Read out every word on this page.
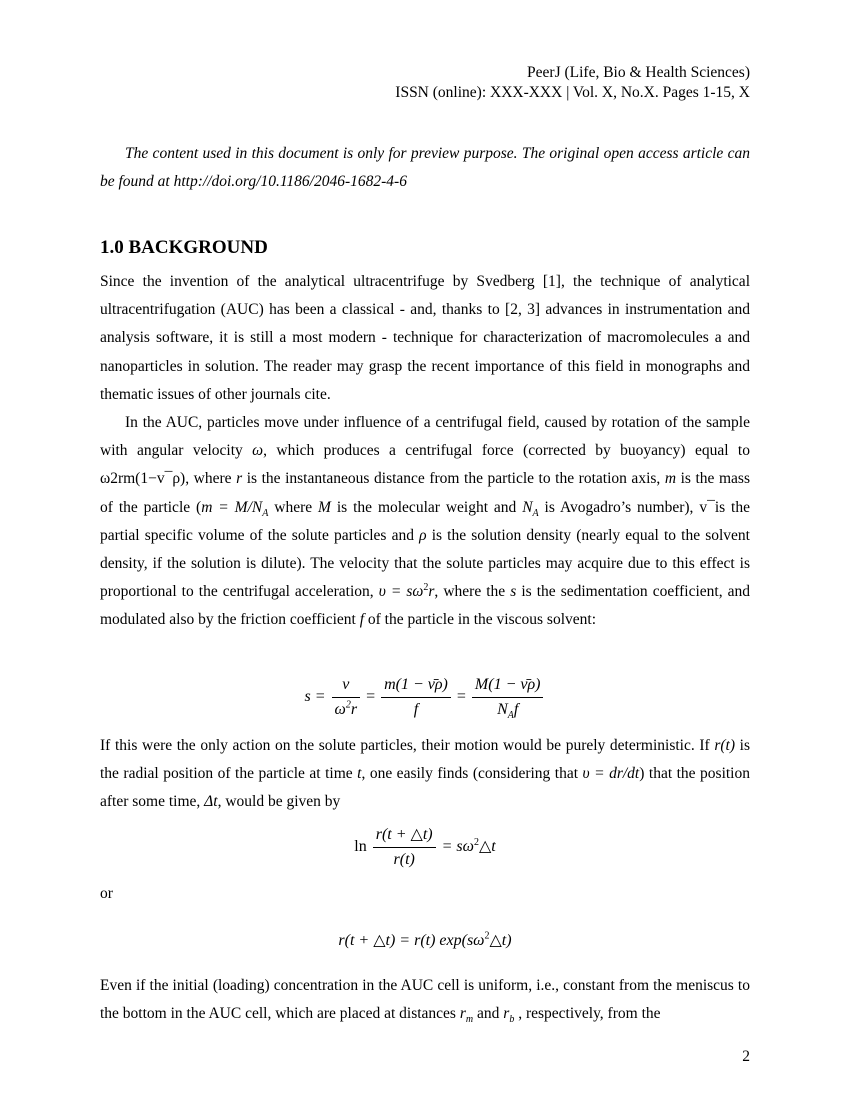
PeerJ (Life, Bio & Health Sciences)
ISSN (online): XXX-XXX | Vol. X, No.X. Pages 1-15, X
The content used in this document is only for preview purpose. The original open access article can be found at http://doi.org/10.1186/2046-1682-4-6
1.0 BACKGROUND

Since the invention of the analytical ultracentrifuge by Svedberg [1], the technique of analytical ultracentrifugation (AUC) has been a classical - and, thanks to [2, 3] advances in instrumentation and analysis software, it is still a most modern - technique for characterization of macromolecules a and nanoparticles in solution. The reader may grasp the recent importance of this field in monographs and thematic issues of other journals cite.

In the AUC, particles move under influence of a centrifugal field, caused by rotation of the sample with angular velocity ω, which produces a centrifugal force (corrected by buoyancy) equal to ω2rm(1−v¯ρ), where r is the instantaneous distance from the particle to the rotation axis, m is the mass of the particle ($m = M/N_A$ where M is the molecular weight and $N_A$ is Avogadro’s number), v¯is the partial specific volume of the solute particles and ρ is the solution density (nearly equal to the solvent density, if the solution is dilute). The velocity that the solute particles may acquire due to this effect is proportional to the centrifugal acceleration, $\upsilon = s\omega^2r$, where the s is the sedimentation coefficient, and modulated also by the friction coefficient f of the particle in the viscous solvent:

$s = \frac{\nu}{\omega^2r} = \frac{m(1 - \nū\rho)}{f} = \frac{M(1 - \nū\rho)}{N_Af}$

If this were the only action on the solute particles, their motion would be purely deterministic. If r(t) is the radial position of the particle at time t, one easily finds (considering that υ = dr/dt) that the position after some time, Δt, would be given by

$\ln \frac{r(t + \triangle t)}{r(t)}$ = $s\omega^2\triangle t$
or
r(t + △t) = r(t) $\exp(s\omega^2\triangle t)$

Even if the initial (loading) concentration in the AUC cell is uniform, i.e., constant from the meniscus to the bottom in the AUC cell, which are placed at distances $r_m$ and $r_b$ , respectively, from the

2
